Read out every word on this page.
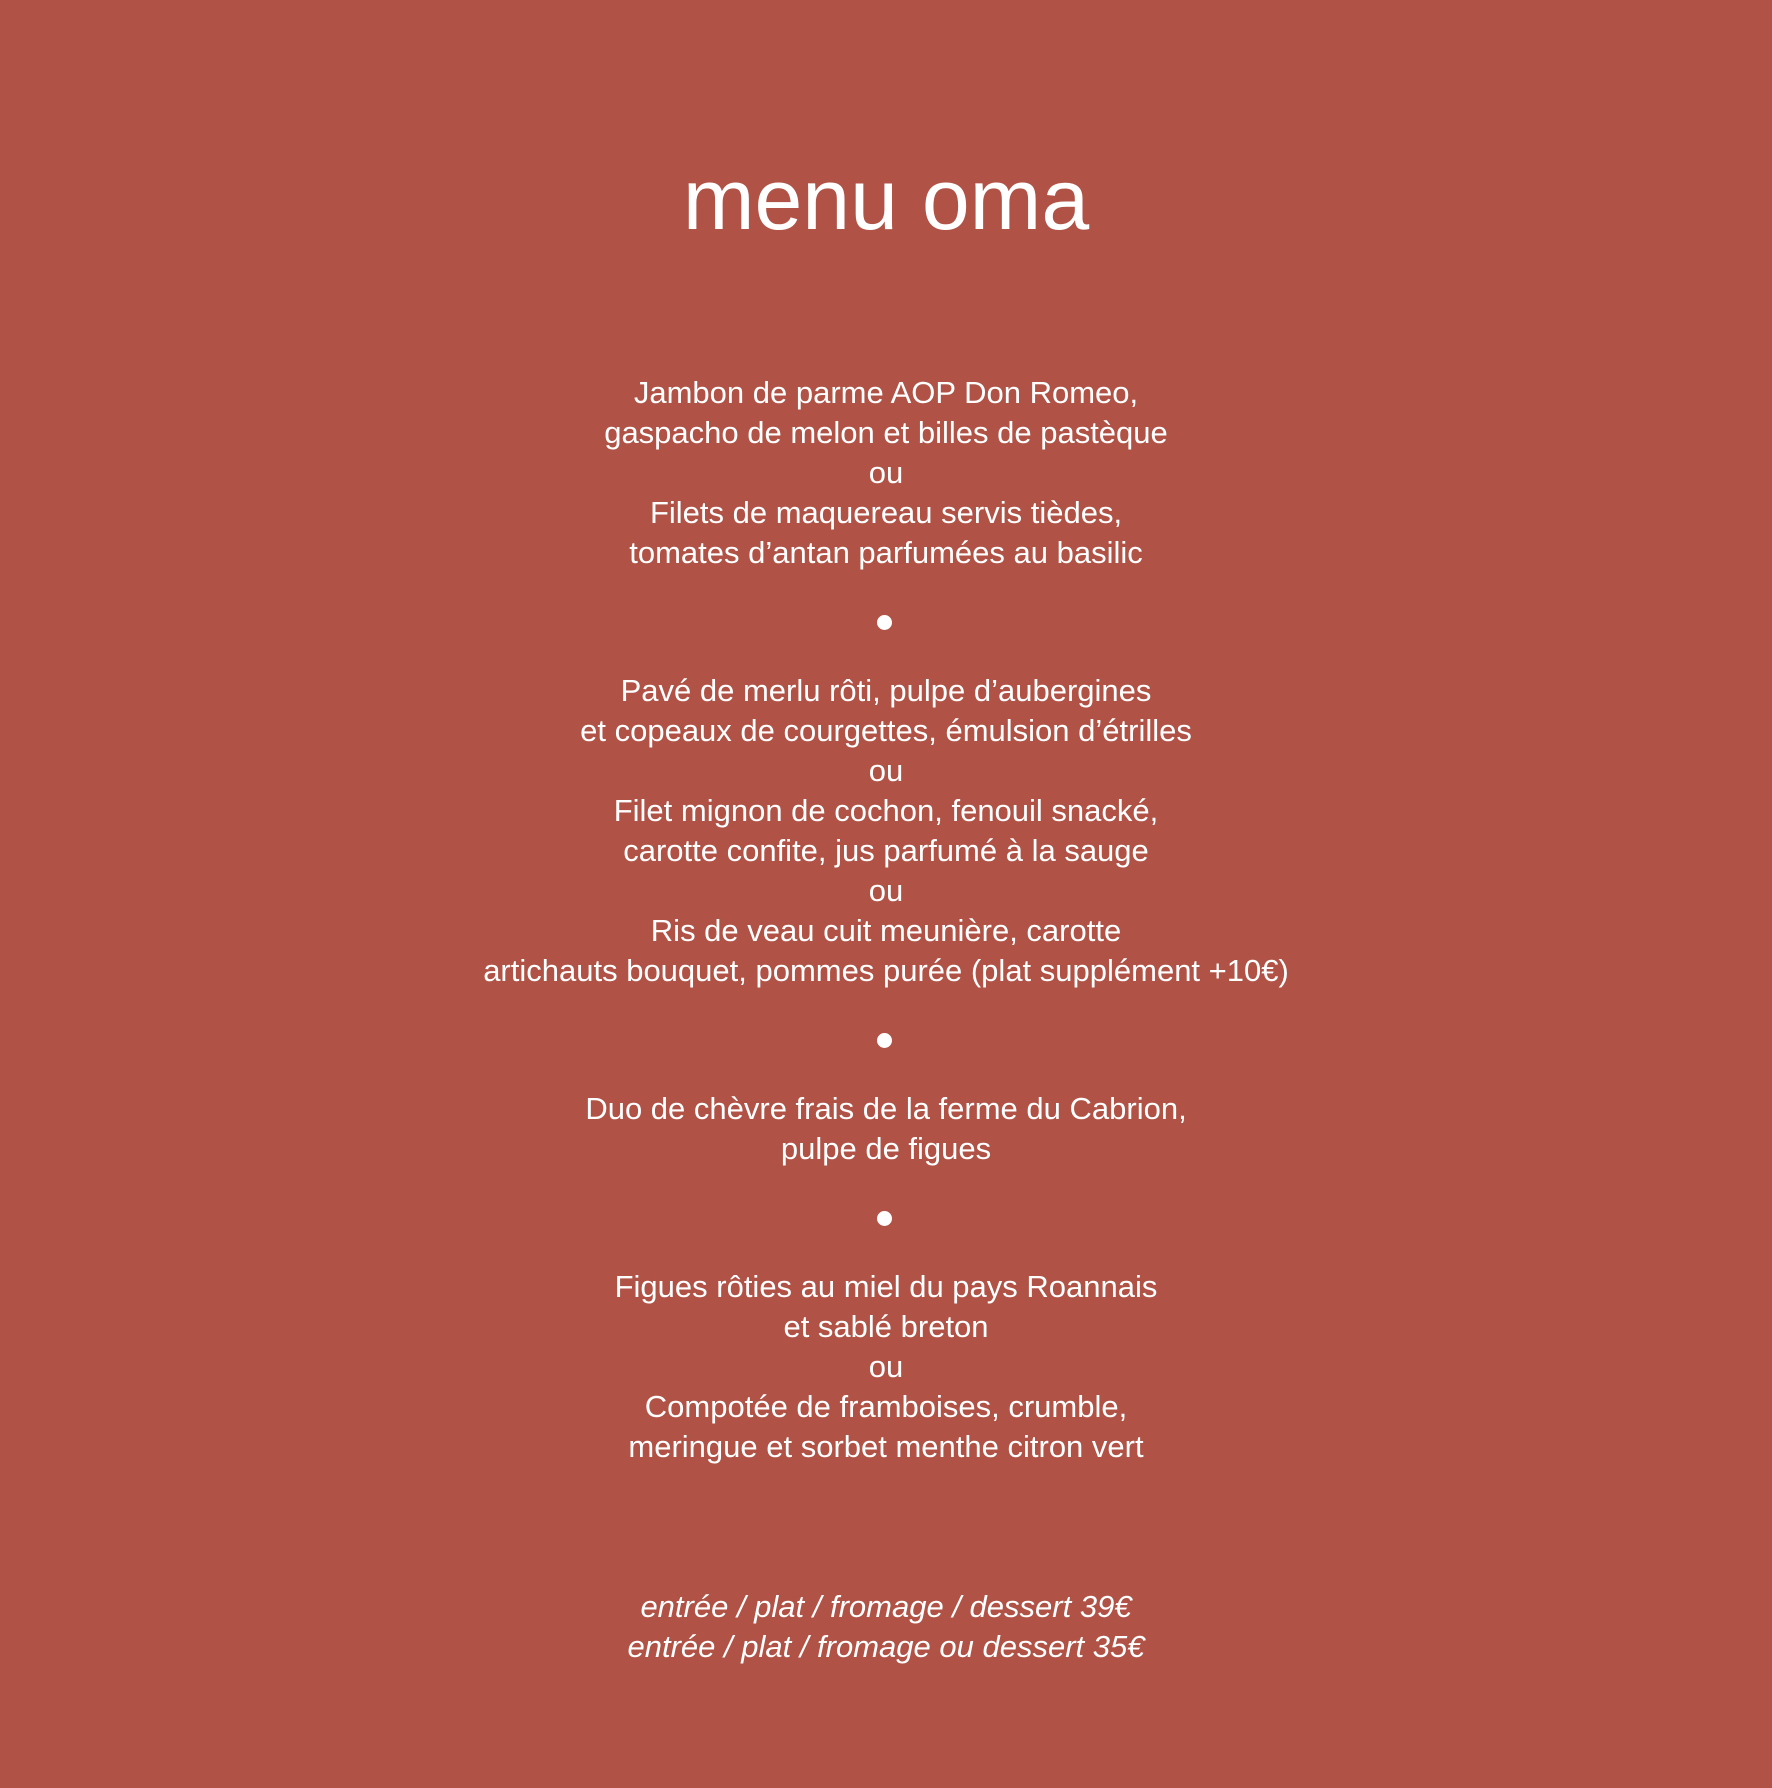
menu oma
Jambon de parme AOP Don Romeo,
gaspacho de melon et billes de pastèque
ou
Filets de maquereau servis tièdes,
tomates d’antan parfumées au basilic
Pavé de merlu rôti, pulpe d’aubergines
et copeaux de courgettes, émulsion d’étrilles
ou
Filet mignon de cochon, fenouil snacké,
carotte confite, jus parfumé à la sauge
ou
Ris de veau cuit meunière, carotte
artichauts bouquet, pommes purée (plat supplément +10€)
Duo de chèvre frais de la ferme du Cabrion,
pulpe de figues
Figues rôties au miel du pays Roannais
et sablé breton
ou
Compotée de framboises, crumble,
meringue et sorbet menthe citron vert
entrée / plat / fromage / dessert 39€
entrée / plat / fromage ou dessert 35€
